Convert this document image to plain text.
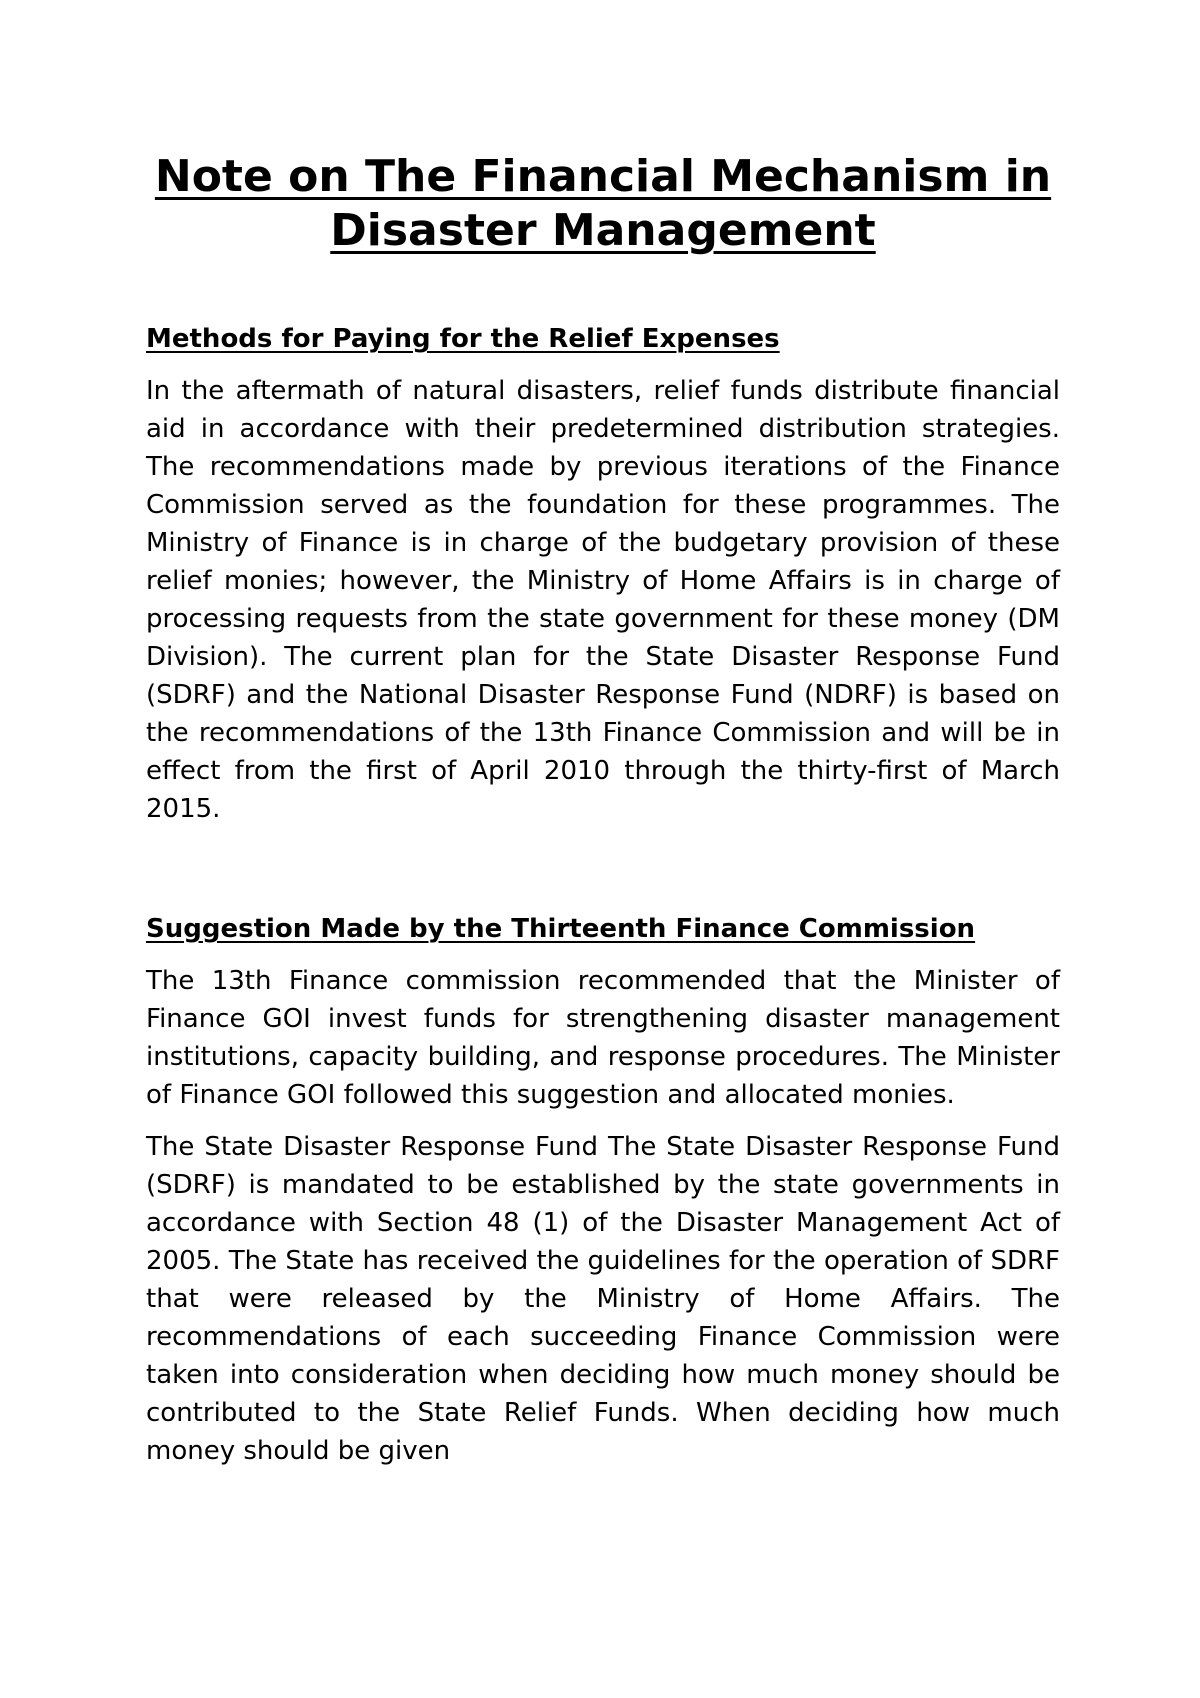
Note on The Financial Mechanism in Disaster Management
Methods for Paying for the Relief Expenses

In the aftermath of natural disasters, relief funds distribute financial aid in accordance with their predetermined distribution strategies. The recommendations made by previous iterations of the Finance Commission served as the foundation for these programmes. The Ministry of Finance is in charge of the budgetary provision of these relief monies; however, the Ministry of Home Affairs is in charge of processing requests from the state government for these money (DM Division). The current plan for the State Disaster Response Fund (SDRF) and the National Disaster Response Fund (NDRF) is based on the recommendations of the 13th Finance Commission and will be in effect from the first of April 2010 through the thirty-first of March 2015.

Suggestion Made by the Thirteenth Finance Commission

The 13th Finance commission recommended that the Minister of Finance GOI invest funds for strengthening disaster management institutions, capacity building, and response procedures. The Minister of Finance GOI followed this suggestion and allocated monies.

The State Disaster Response Fund The State Disaster Response Fund (SDRF) is mandated to be established by the state governments in accordance with Section 48 (1) of the Disaster Management Act of 2005. The State has received the guidelines for the operation of SDRF that were released by the Ministry of Home Affairs. The recommendations of each succeeding Finance Commission were taken into consideration when deciding how much money should be contributed to the State Relief Funds. When deciding how much money should be given
